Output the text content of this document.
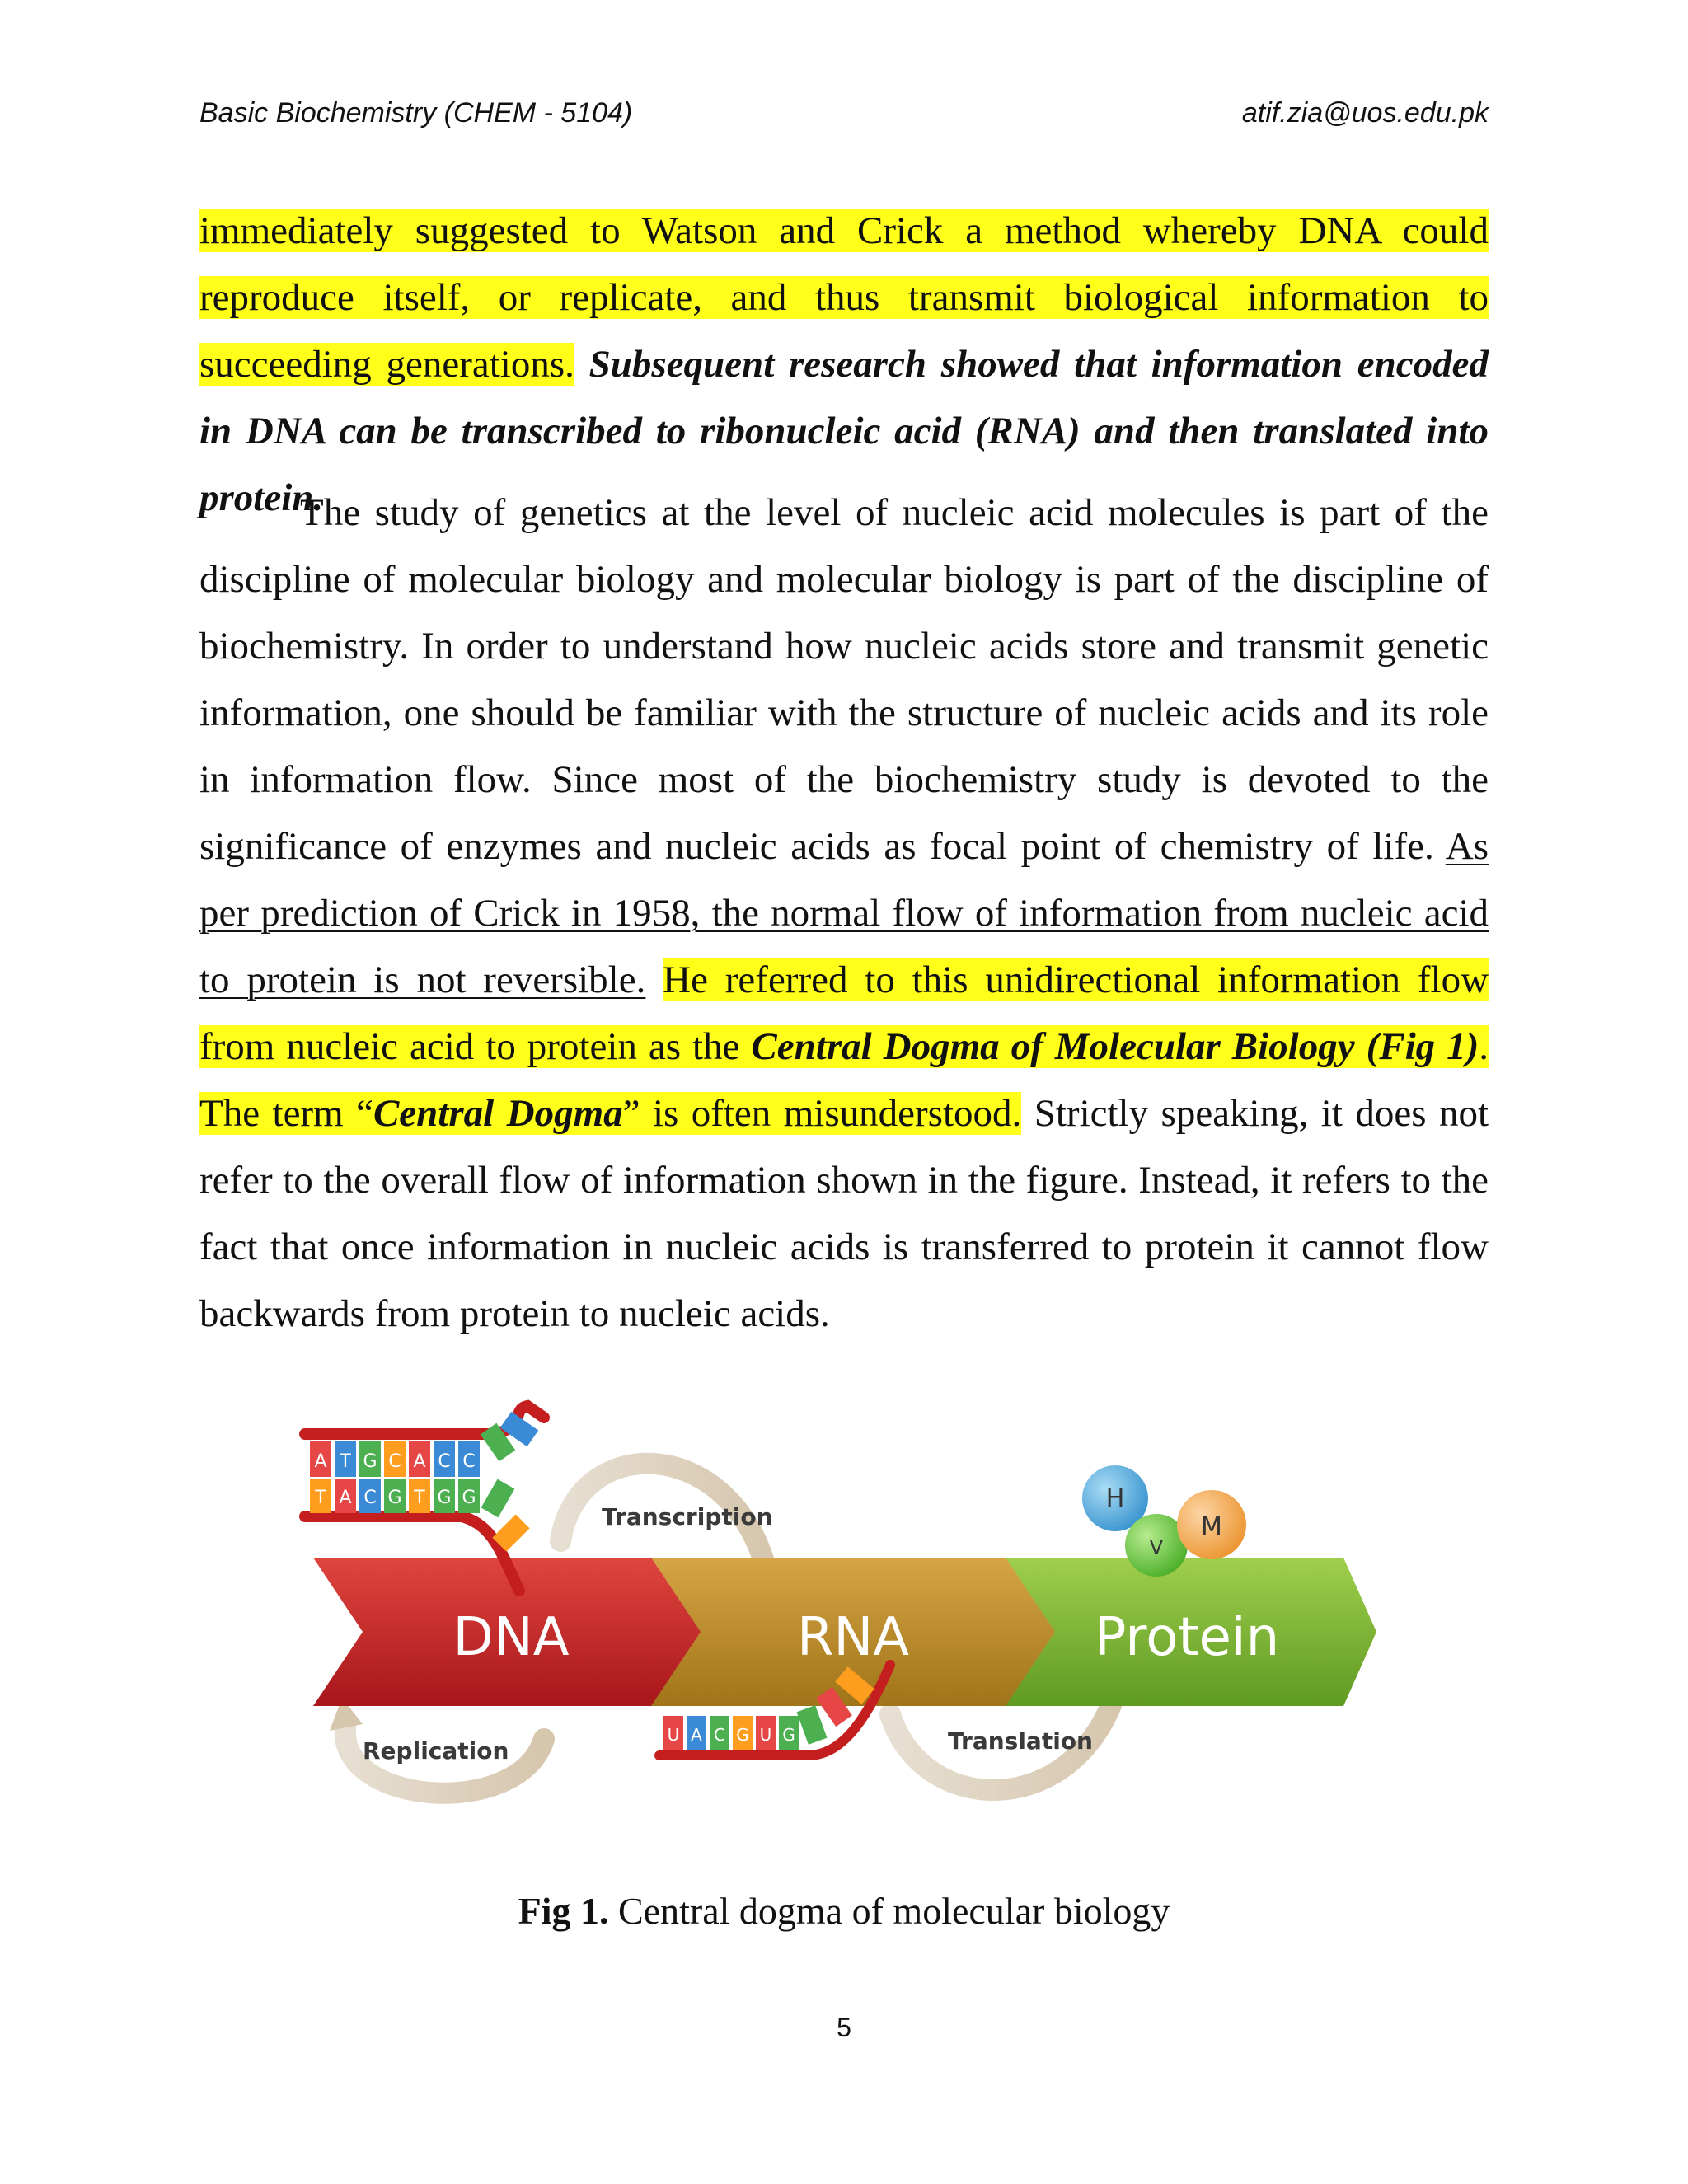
Basic Biochemistry (CHEM - 5104)	atif.zia@uos.edu.pk

immediately suggested to Watson and Crick a method whereby DNA could reproduce itself, or replicate, and thus transmit biological information to succeeding generations. Subsequent research showed that information encoded in DNA can be transcribed to ribonucleic acid (RNA) and then translated into protein.

The study of genetics at the level of nucleic acid molecules is part of the discipline of molecular biology and molecular biology is part of the discipline of biochemistry. In order to understand how nucleic acids store and transmit genetic information, one should be familiar with the structure of nucleic acids and its role in information flow. Since most of the biochemistry study is devoted to the significance of enzymes and nucleic acids as focal point of chemistry of life. As per prediction of Crick in 1958, the normal flow of information from nucleic acid to protein is not reversible. He referred to this unidirectional information flow from nucleic acid to protein as the Central Dogma of Molecular Biology (Fig 1). The term “Central Dogma” is often misunderstood. Strictly speaking, it does not refer to the overall flow of information shown in the figure. Instead, it refers to the fact that once information in nucleic acids is transferred to protein it cannot flow backwards from protein to nucleic acids.

DNA	RNA	Protein
Transcription
Replication	Translation
A T G C A C C
T A C G T G G
U A C G U G
H
V
M
Fig 1. Central dogma of molecular biology
5
